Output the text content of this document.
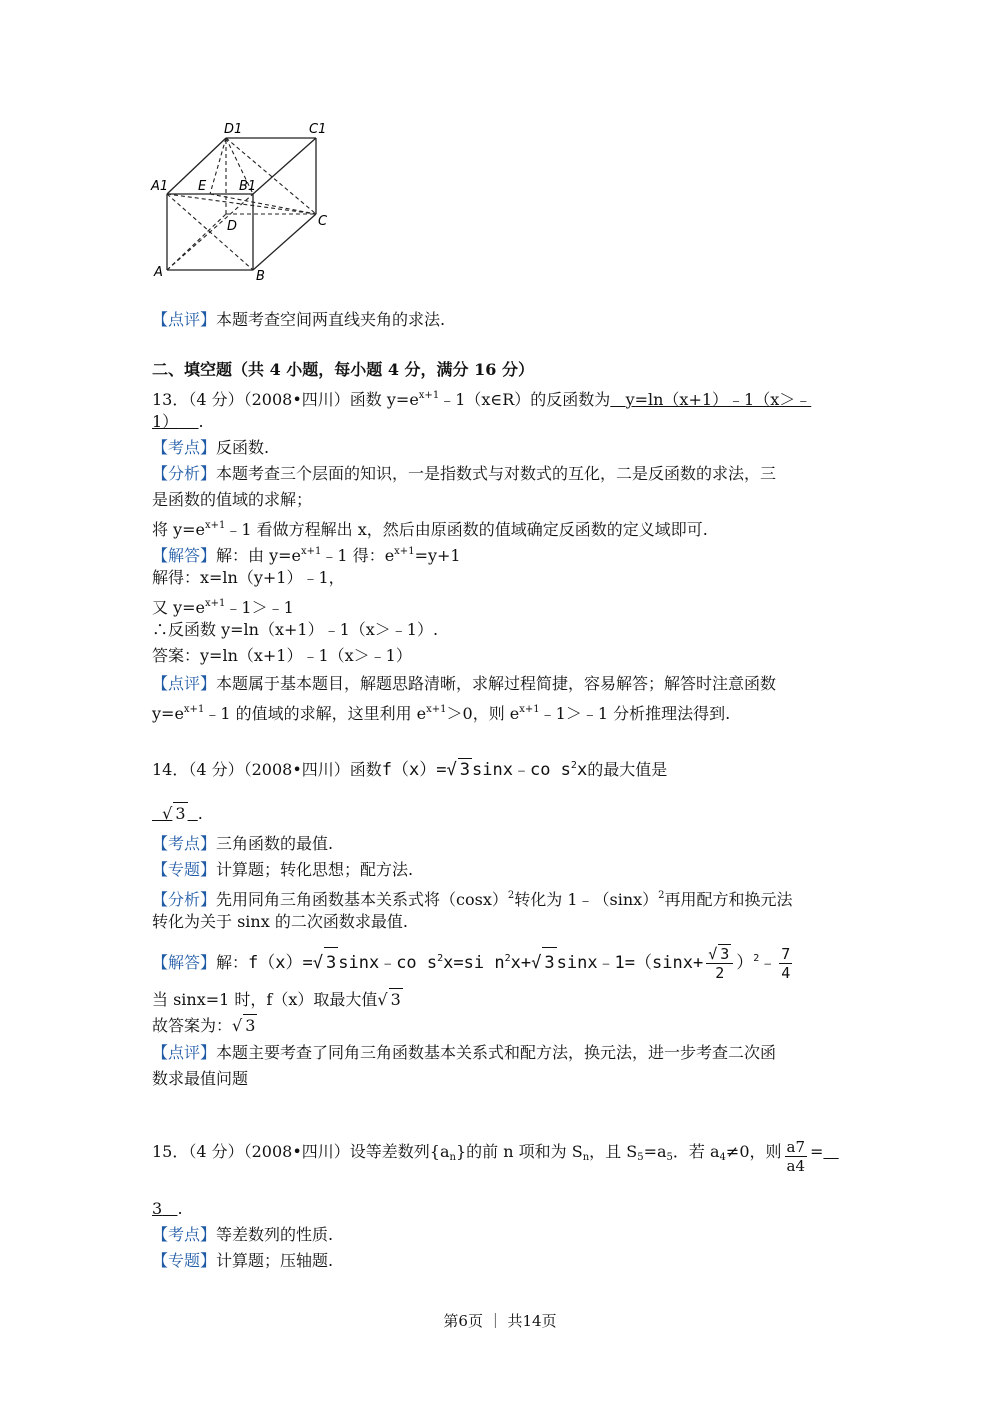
D1	C1
A1 E	B1
D	C
A	B
【点评】本题考查空间两直线夹角的求法.
二、填空题（共 4 小题，每小题 4 分，满分 16 分）
13．（4 分）（2008•四川）函数 $y=e^{x+1}﹣1(x\in R)$的反函数为 y=ln（x+1）﹣1（x＞﹣
1） .
【考点】反函数.
【分析】本题考查三个层面的知识，一是指数式与对数式的互化，二是反函数的求法，三
是函数的值域的求解；
将 $y=e^{x+1}﹣1$ 看做方程解出 x，然后由原函数的值域确定反函数的定义域即可.
【解答】解：由 $y=e^{x+1}﹣1$ 得：$e^{x+1}=y+1$
解得：x=ln（y+1）﹣1，
又 $y=e^{x+1}﹣1>﹣1$
∴反函数 y=ln（x+1）﹣1（x＞﹣1）.
答案：y=ln（x+1）﹣1（x＞﹣1）
【点评】本题属于基本题目，解题思路清晰，求解过程简捷，容易解答；解答时注意函数
$y=e^{x+1}﹣1$ 的值域的求解，这里利用 $e^{x+1}>0$，则 $e^{x+1}﹣1>﹣1$ 分析推理法得到.
14．（4 分）（2008•四川）函数f（x）=√ 3 sinx﹣co $s^2x$的最大值是
√ 3 .
【考点】三角函数的最值.
【专题】计算题；转化思想；配方法.
【分析】先用同角三角函数基本关系式将$(\cos x)^2$转化为 $1﹣(\sin x)^2$再用配方和换元法
转化为关于 sinx 的二次函数求最值.
【解答】解：f（x）=√ 3 sinx﹣co $s^2x=si$ $n^2x+√$ 3 sinx﹣1=（sinx+ $\frac{√ 3}{2}$ ）$^2$﹣ $\frac{7}{4}$
当 sinx=1 时，f（x）取最大值√ 3
故答案为：√ 3
【点评】本题主要考查了同角三角函数基本关系式和配方法，换元法，进一步考查二次函
数求最值问题
15．（4 分）（2008•四川）设等差数列$\{a_n\}$的前 n 项和为 $S_n$，且 $S_5=a_5$．若 $a_4\ne 0$，则 $\frac{a7}{a4}$ =
3 .
【考点】等差数列的性质.
【专题】计算题；压轴题.
第6页 ｜ 共14页
